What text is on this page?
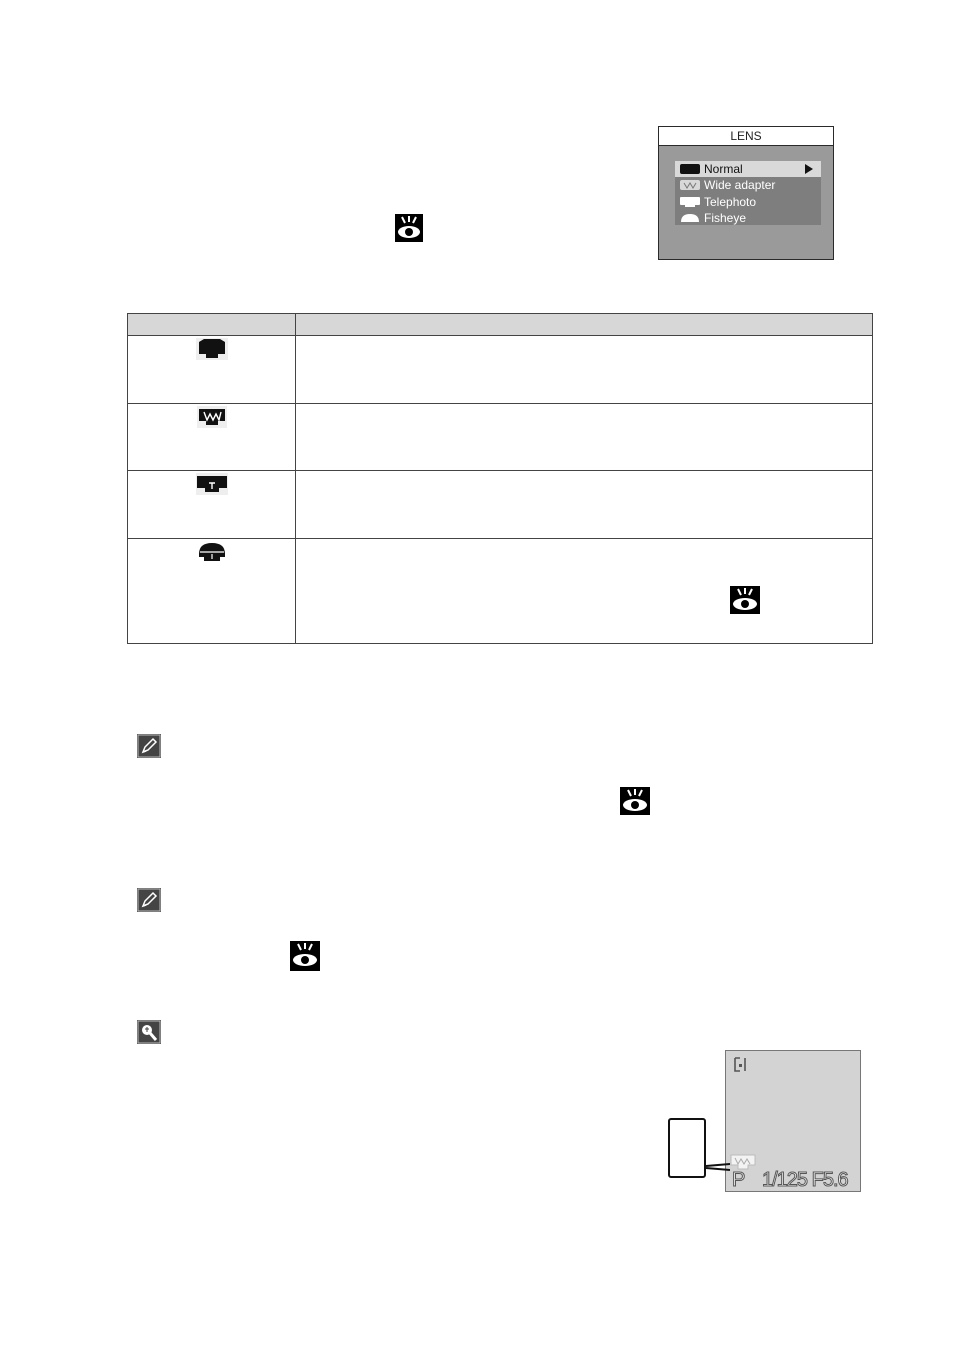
LENS
Normal
Wide adapter
Telephoto
Fisheye
P 1/125 F5.6
